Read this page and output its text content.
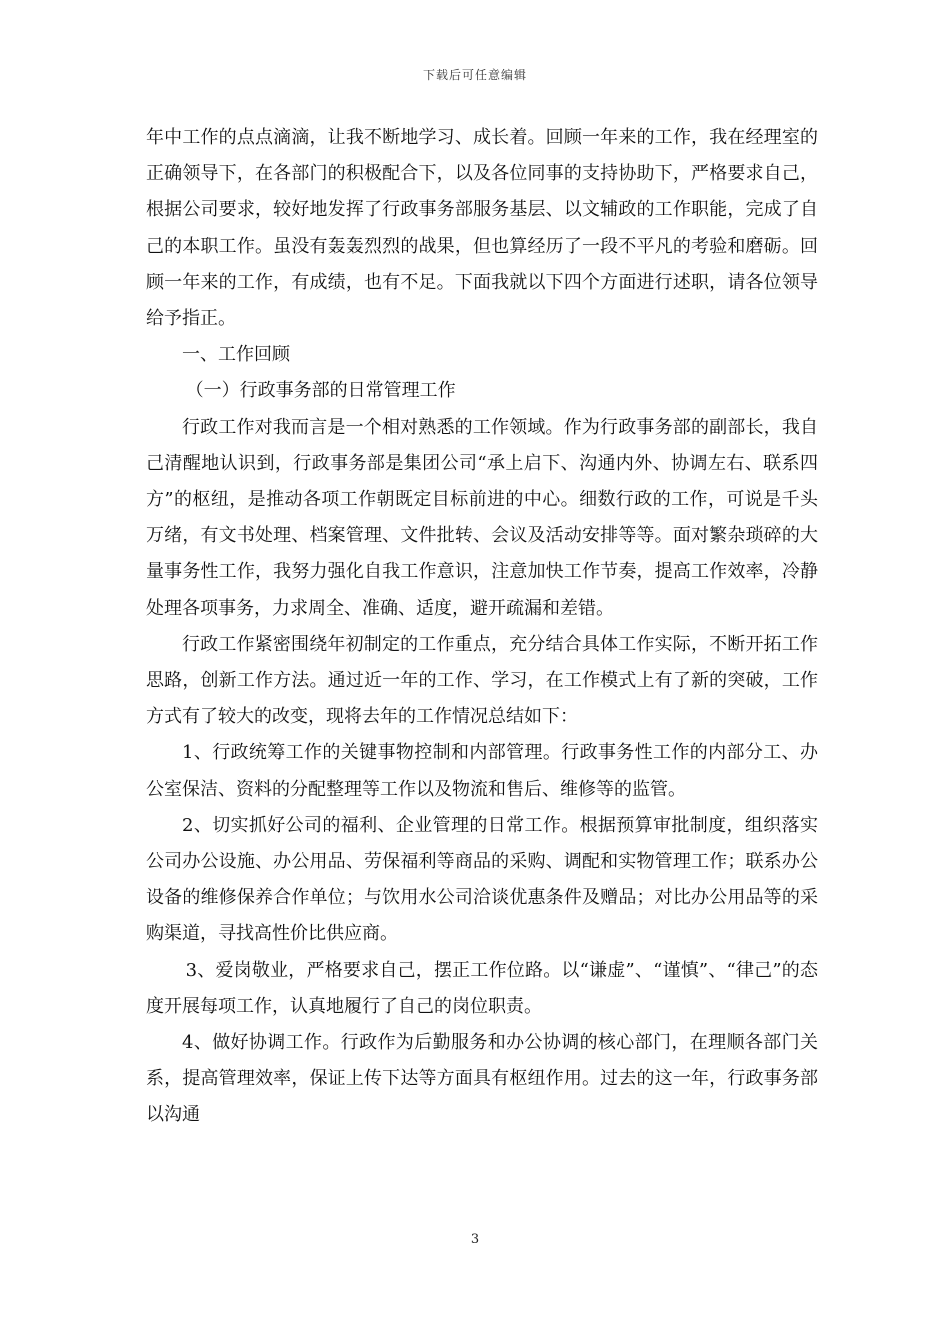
下载后可任意编辑

年中工作的点点滴滴，让我不断地学习、成长着。回顾一年来的工作，我在经理室的正确领导下，在各部门的积极配合下，以及各位同事的支持协助下，严格要求自己，根据公司要求，较好地发挥了行政事务部服务基层、以文辅政的工作职能，完成了自己的本职工作。虽没有轰轰烈烈的战果，但也算经历了一段不平凡的考验和磨砺。回顾一年来的工作，有成绩，也有不足。下面我就以下四个方面进行述职，请各位领导给予指正。

一、工作回顾

（一）行政事务部的日常管理工作

行政工作对我而言是一个相对熟悉的工作领域。作为行政事务部的副部长，我自己清醒地认识到，行政事务部是集团公司“承上启下、沟通内外、协调左右、联系四方”的枢纽，是推动各项工作朝既定目标前进的中心。细数行政的工作，可说是千头万绪，有文书处理、档案管理、文件批转、会议及活动安排等等。面对繁杂琐碎的大量事务性工作，我努力强化自我工作意识，注意加快工作节奏，提高工作效率，冷静处理各项事务，力求周全、准确、适度，避开疏漏和差错。

行政工作紧密围绕年初制定的工作重点，充分结合具体工作实际，不断开拓工作思路，创新工作方法。通过近一年的工作、学习，在工作模式上有了新的突破，工作方式有了较大的改变，现将去年的工作情况总结如下：

1、行政统筹工作的关键事物控制和内部管理。行政事务性工作的内部分工、办公室保洁、资料的分配整理等工作以及物流和售后、维修等的监管。

2、切实抓好公司的福利、企业管理的日常工作。根据预算审批制度，组织落实公司办公设施、办公用品、劳保福利等商品的采购、调配和实物管理工作；联系办公设备的维修保养合作单位；与饮用水公司洽谈优惠条件及赠品；对比办公用品等的采购渠道，寻找高性价比供应商。

3、爱岗敬业，严格要求自己，摆正工作位路。以“谦虚”、“谨慎”、“律己”的态度开展每项工作，认真地履行了自己的岗位职责。

4、做好协调工作。行政作为后勤服务和办公协调的核心部门，在理顺各部门关系，提高管理效率，保证上传下达等方面具有枢纽作用。过去的这一年，行政事务部以沟通

3
